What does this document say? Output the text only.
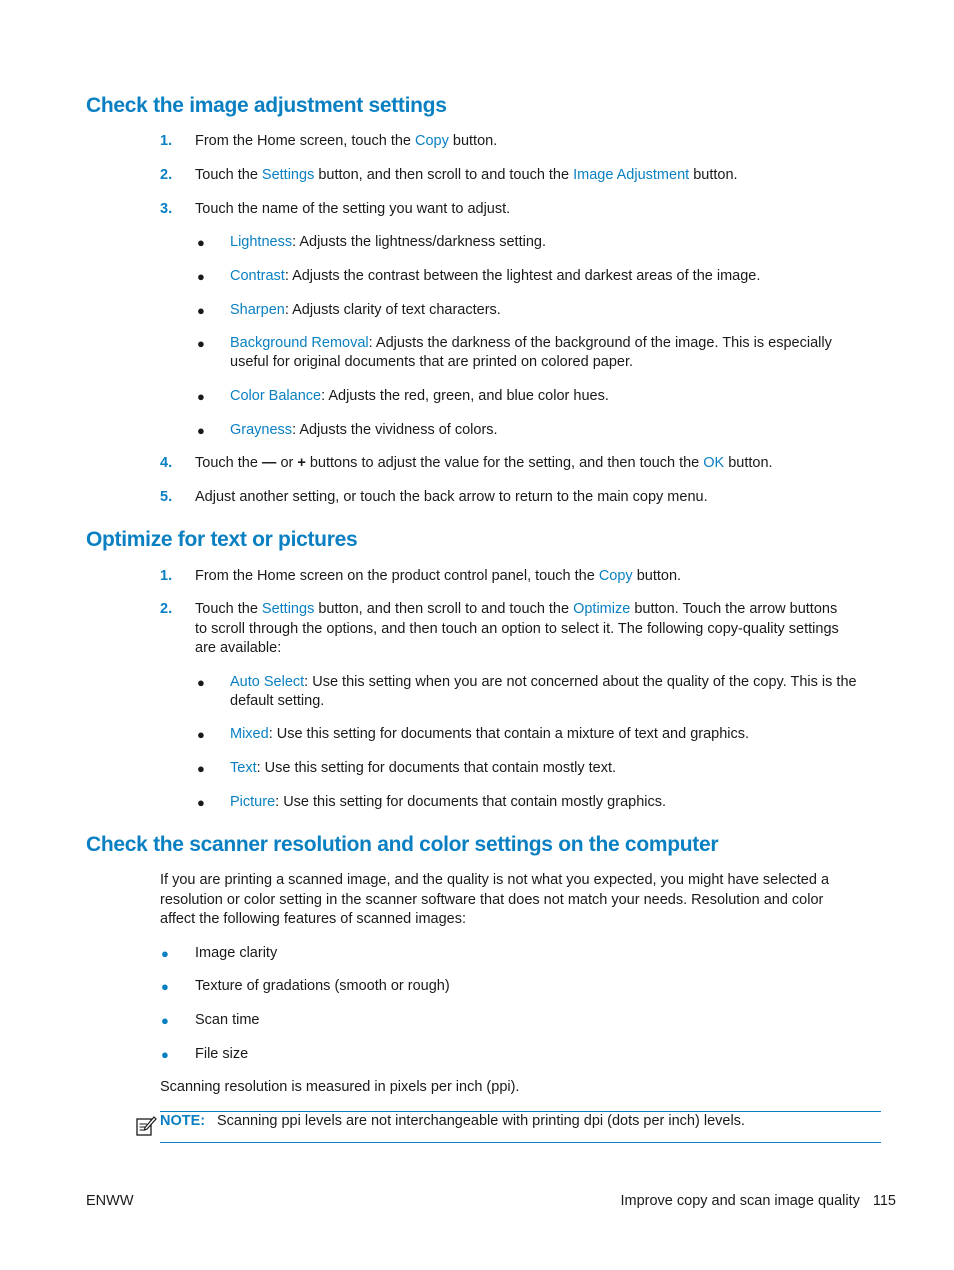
Check the image adjustment settings
1. From the Home screen, touch the Copy button.
2. Touch the Settings button, and then scroll to and touch the Image Adjustment button.
3. Touch the name of the setting you want to adjust.
● Lightness: Adjusts the lightness/darkness setting.
● Contrast: Adjusts the contrast between the lightest and darkest areas of the image.
● Sharpen: Adjusts clarity of text characters.
● Background Removal: Adjusts the darkness of the background of the image. This is especially
useful for original documents that are printed on colored paper.
● Color Balance: Adjusts the red, green, and blue color hues.
● Grayness: Adjusts the vividness of colors.
4. Touch the — or + buttons to adjust the value for the setting, and then touch the OK button.
5. Adjust another setting, or touch the back arrow to return to the main copy menu.
Optimize for text or pictures
1. From the Home screen on the product control panel, touch the Copy button.
2. Touch the Settings button, and then scroll to and touch the Optimize button. Touch the arrow buttons
to scroll through the options, and then touch an option to select it. The following copy-quality settings
are available:
● Auto Select: Use this setting when you are not concerned about the quality of the copy. This is the
default setting.
● Mixed: Use this setting for documents that contain a mixture of text and graphics.
● Text: Use this setting for documents that contain mostly text.
● Picture: Use this setting for documents that contain mostly graphics.
Check the scanner resolution and color settings on the computer
If you are printing a scanned image, and the quality is not what you expected, you might have selected a
resolution or color setting in the scanner software that does not match your needs. Resolution and color
affect the following features of scanned images:
● Image clarity
● Texture of gradations (smooth or rough)
● Scan time
● File size
Scanning resolution is measured in pixels per inch (ppi).
NOTE: Scanning ppi levels are not interchangeable with printing dpi (dots per inch) levels.
ENWW	Improve copy and scan image quality 115
